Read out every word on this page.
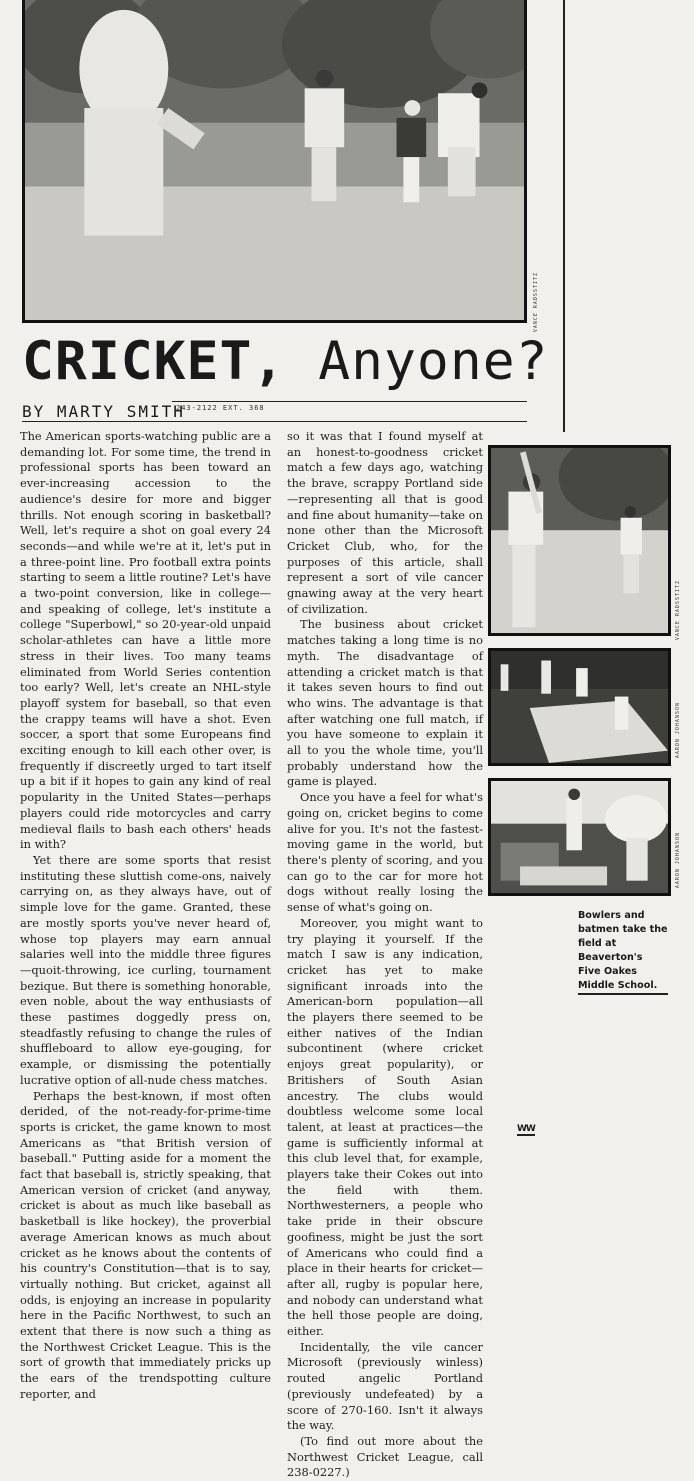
VANCE RADSSTITZ
CRICKET, Anyone?
BY MARTY SMITH
243-2122 EXT. 368

The American sports-watching public are a demanding lot. For some time, the trend in professional sports has been toward an ever-increasing accession to the audience's desire for more and bigger thrills. Not enough scoring in basketball? Well, let's require a shot on goal every 24 seconds—and while we're at it, let's put in a three-point line. Pro football extra points starting to seem a little routine? Let's have a two-point conversion, like in college—and speaking of college, let's institute a college "Superbowl," so 20-year-old unpaid scholar-athletes can have a little more stress in their lives. Too many teams eliminated from World Series contention too early? Well, let's create an NHL-style playoff system for baseball, so that even the crappy teams will have a shot. Even soccer, a sport that some Europeans find exciting enough to kill each other over, is frequently if discreetly urged to tart itself up a bit if it hopes to gain any kind of real popularity in the United States—perhaps players could ride motorcycles and carry medieval flails to bash each others' heads in with?

Yet there are some sports that resist instituting these sluttish come-ons, naively carrying on, as they always have, out of simple love for the game. Granted, these are mostly sports you've never heard of, whose top players may earn annual salaries well into the middle three figures—quoit-throwing, ice curling, tournament bezique. But there is something honorable, even noble, about the way enthusiasts of these pastimes doggedly press on, steadfastly refusing to change the rules of shuffleboard to allow eye-gouging, for example, or dismissing the potentially lucrative option of all-nude chess matches.

Perhaps the best-known, if most often derided, of the not-ready-for-prime-time sports is cricket, the game known to most Americans as "that British version of baseball." Putting aside for a moment the fact that baseball is, strictly speaking, that American version of cricket (and anyway, cricket is about as much like baseball as basketball is like hockey), the proverbial average American knows as much about cricket as he knows about the contents of his country's Constitution—that is to say, virtually nothing. But cricket, against all odds, is enjoying an increase in popularity here in the Pacific Northwest, to such an extent that there is now such a thing as the Northwest Cricket League. This is the sort of growth that immediately pricks up the ears of the trendspotting culture reporter, and

so it was that I found myself at an honest-to-goodness cricket match a few days ago, watching the brave, scrappy Portland side—representing all that is good and fine about humanity—take on none other than the Microsoft Cricket Club, who, for the purposes of this article, shall represent a sort of vile cancer gnawing away at the very heart of civilization.

The business about cricket matches taking a long time is no myth. The disadvantage of attending a cricket match is that it takes seven hours to find out who wins. The advantage is that after watching one full match, if you have someone to explain it all to you the whole time, you'll probably understand how the game is played.

Once you have a feel for what's going on, cricket begins to come alive for you. It's not the fastest-moving game in the world, but there's plenty of scoring, and you can go to the car for more hot dogs without really losing the sense of what's going on.

Moreover, you might want to try playing it yourself. If the match I saw is any indication, cricket has yet to make significant inroads into the American-born population—all the players there seemed to be either natives of the Indian subcontinent (where cricket enjoys great popularity), or Britishers of South Asian ancestry. The clubs would doubtless welcome some local talent, at least at practices—the game is sufficiently informal at this club level that, for example, players take their Cokes out into the field with them. Northwesterners, a people who take pride in their obscure goofiness, might be just the sort of Americans who could find a place in their hearts for cricket—after all, rugby is popular here, and nobody can understand what the hell those people are doing, either.

Incidentally, the vile cancer Microsoft (previously winless) routed angelic Portland (previously undefeated) by a score of 270-160. Isn't it always the way.

(To find out more about the Northwest Cricket League, call 238-0227.)

VANCE RADSSTITZ
AARON JOHANSON
AARON JOHANSON
Bowlers and batmen take the field at Beaverton's Five Oakes Middle School.
WW
